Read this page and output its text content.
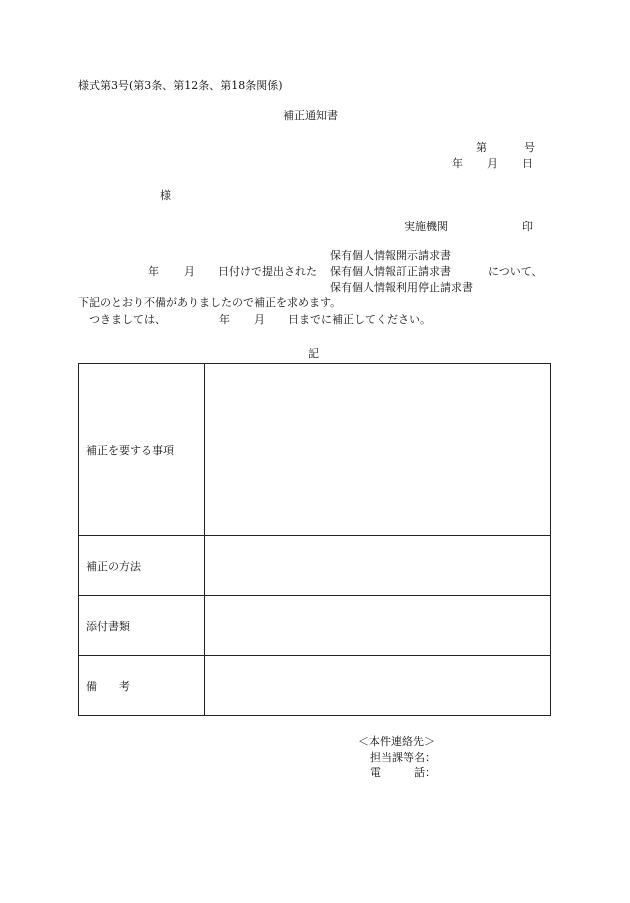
様式第3号(第3条、第12条、第18条関係)
補正通知書
第	号
年 月 日
様
実施機関	印
年 月 日付けで提出された
保有個人情報開示請求書
保有個人情報訂正請求書
保有個人情報利用停止請求書
について、
下記のとおり不備がありましたので補正を求めます。
つきましては、	年 月 日までに補正してください。
記
補正を要する事項	
補正の方法	
添付書類	
備　　考	
＜本件連絡先＞
担当課等名：
電　　　話：
